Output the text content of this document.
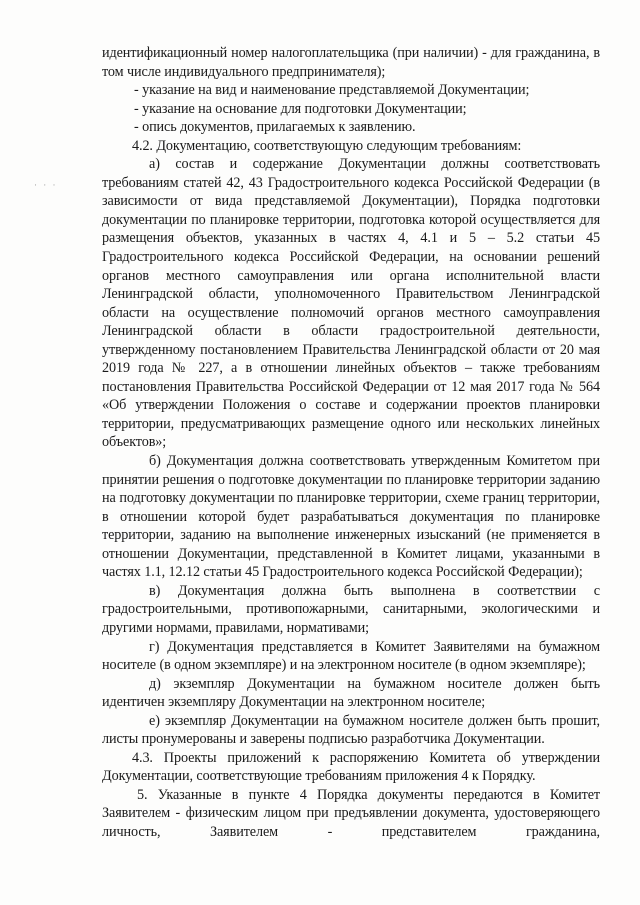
идентификационный номер налогоплательщика (при наличии) - для гражданина, в том числе индивидуального предпринимателя);

- указание на вид и наименование представляемой Документации;

- указание на основание для подготовки Документации;

- опись документов, прилагаемых к заявлению.

4.2. Документацию, соответствующую следующим требованиям:

а) состав и содержание Документации должны соответствовать требованиям статей 42, 43 Градостроительного кодекса Российской Федерации (в зависимости от вида представляемой Документации), Порядка подготовки документации по планировке территории, подготовка которой осуществляется для размещения объектов, указанных в частях 4, 4.1 и 5 – 5.2 статьи 45 Градостроительного кодекса Российской Федерации, на основании решений органов местного самоуправления или органа исполнительной власти Ленинградской области, уполномоченного Правительством Ленинградской области на осуществление полномочий органов местного самоуправления Ленинградской области в области градостроительной деятельности, утвержденному постановлением Правительства Ленинградской области от 20 мая 2019 года № 227, а в отношении линейных объектов – также требованиям постановления Правительства Российской Федерации от 12 мая 2017 года № 564 «Об утверждении Положения о составе и содержании проектов планировки территории, предусматривающих размещение одного или нескольких линейных объектов»;

б) Документация должна соответствовать утвержденным Комитетом при принятии решения о подготовке документации по планировке территории заданию на подготовку документации по планировке территории, схеме границ территории, в отношении которой будет разрабатываться документация по планировке территории, заданию на выполнение инженерных изысканий (не применяется в отношении Документации, представленной в Комитет лицами, указанными в частях 1.1, 12.12 статьи 45 Градостроительного кодекса Российской Федерации);

в) Документация должна быть выполнена в соответствии с градостроительными, противопожарными, санитарными, экологическими и другими нормами, правилами, нормативами;

г) Документация представляется в Комитет Заявителями на бумажном носителе (в одном экземпляре) и на электронном носителе (в одном экземпляре);

д) экземпляр Документации на бумажном носителе должен быть идентичен экземпляру Документации на электронном носителе;

е) экземпляр Документации на бумажном носителе должен быть прошит, листы пронумерованы и заверены подписью разработчика Документации.

4.3. Проекты приложений к распоряжению Комитета об утверждении Документации, соответствующие требованиям приложения 4 к Порядку.

5. Указанные в пункте 4 Порядка документы передаются в Комитет Заявителем - физическим лицом при предъявлении документа, удостоверяющего личность, Заявителем - представителем гражданина,

· · ·
